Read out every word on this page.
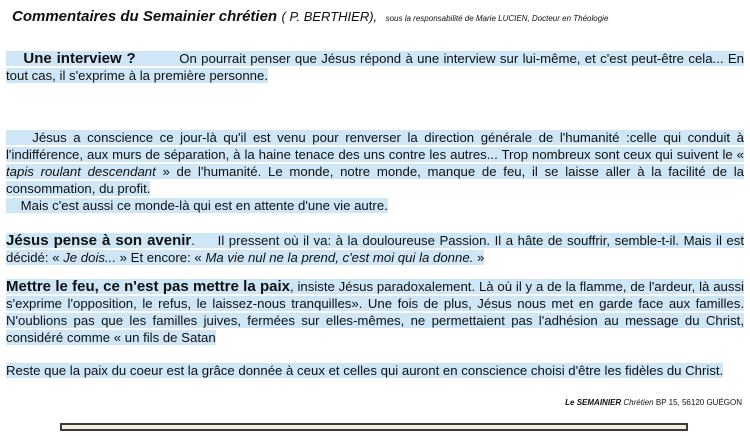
Commentaires du Semainier chrétien ( P. BERTHIER), sous la responsabilité de Marie LUCIEN, Docteur en Théologie
Une interview ?	On pourrait penser que Jésus répond à une interview sur lui-même, et c'est peut-être cela... En tout cas, il s'exprime à la première personne.
Jésus a conscience ce jour-là qu'il est venu pour renverser la direction générale de l'humanité :celle qui conduit à l'indifférence, aux murs de séparation, à la haine tenace des uns contre les autres... Trop nombreux sont ceux qui suivent le « tapis roulant descendant » de l'humanité. Le monde, notre monde, manque de feu, il se laisse aller à la facilité de la consommation, du profit.
Mais c'est aussi ce monde-là qui est en attente d'une vie autre.
Jésus pense à son avenir.     Il pressent où il va: à la douloureuse Passion. Il a hâte de souffrir, semble-t-il. Mais il est décidé: « Je dois... » Et encore: « Ma vie nul ne la prend, c'est moi qui la donne. »
Mettre le feu, ce n'est pas mettre la paix, insiste Jésus paradoxalement. Là où il y a de la flamme, de l'ardeur, là aussi s'exprime l'opposition, le refus, le laissez-nous tranquilles». Une fois de plus, Jésus nous met en garde face aux familles. N'oublions pas que les familles juives, fermées sur elles-mêmes, ne permettaient pas l'adhésion au message du Christ, considéré comme « un fils de Satan
Reste que la paix du coeur est la grâce donnée à ceux et celles qui auront en conscience choisi d'être les fidèles du Christ.
Le SEMAINIER Chrétien BP 15, 56120 GUÉGON
